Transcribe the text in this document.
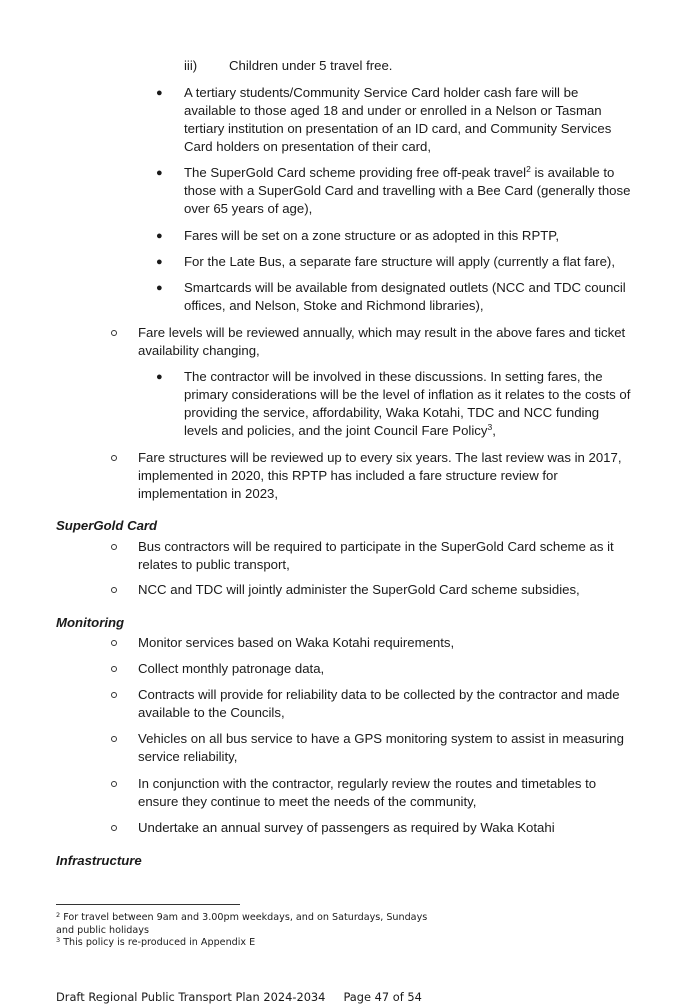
iii) Children under 5 travel free.
● A tertiary students/Community Service Card holder cash fare will be available to those aged 18 and under or enrolled in a Nelson or Tasman tertiary institution on presentation of an ID card, and Community Services Card holders on presentation of their card,
● The SuperGold Card scheme providing free off-peak travel$^2$ is available to those with a SuperGold Card and travelling with a Bee Card (generally those over 65 years of age),
● Fares will be set on a zone structure or as adopted in this RPTP,
● For the Late Bus, a separate fare structure will apply (currently a flat fare),
● Smartcards will be available from designated outlets (NCC and TDC council offices, and Nelson, Stoke and Richmond libraries),
Fare levels will be reviewed annually, which may result in the above fares and ticket availability changing,
● The contractor will be involved in these discussions. In setting fares, the primary considerations will be the level of inflation as it relates to the costs of providing the service, affordability, Waka Kotahi, TDC and NCC funding levels and policies, and the joint Council Fare Policy$^3$,
Fare structures will be reviewed up to every six years. The last review was in 2017, implemented in 2020, this RPTP has included a fare structure review for implementation in 2023,
SuperGold Card
Bus contractors will be required to participate in the SuperGold Card scheme as it relates to public transport,
NCC and TDC will jointly administer the SuperGold Card scheme subsidies,
Monitoring
Monitor services based on Waka Kotahi requirements,
Collect monthly patronage data,
Contracts will provide for reliability data to be collected by the contractor and made available to the Councils,
Vehicles on all bus service to have a GPS monitoring system to assist in measuring service reliability,
In conjunction with the contractor, regularly review the routes and timetables to ensure they continue to meet the needs of the community,
Undertake an annual survey of passengers as required by Waka Kotahi
Infrastructure
$^2$ For travel between 9am and 3.00pm weekdays, and on Saturdays, Sundays and public holidays
$^3$ This policy is re-produced in Appendix E
Draft Regional Public Transport Plan 2024-2034 Page 47 of 54
